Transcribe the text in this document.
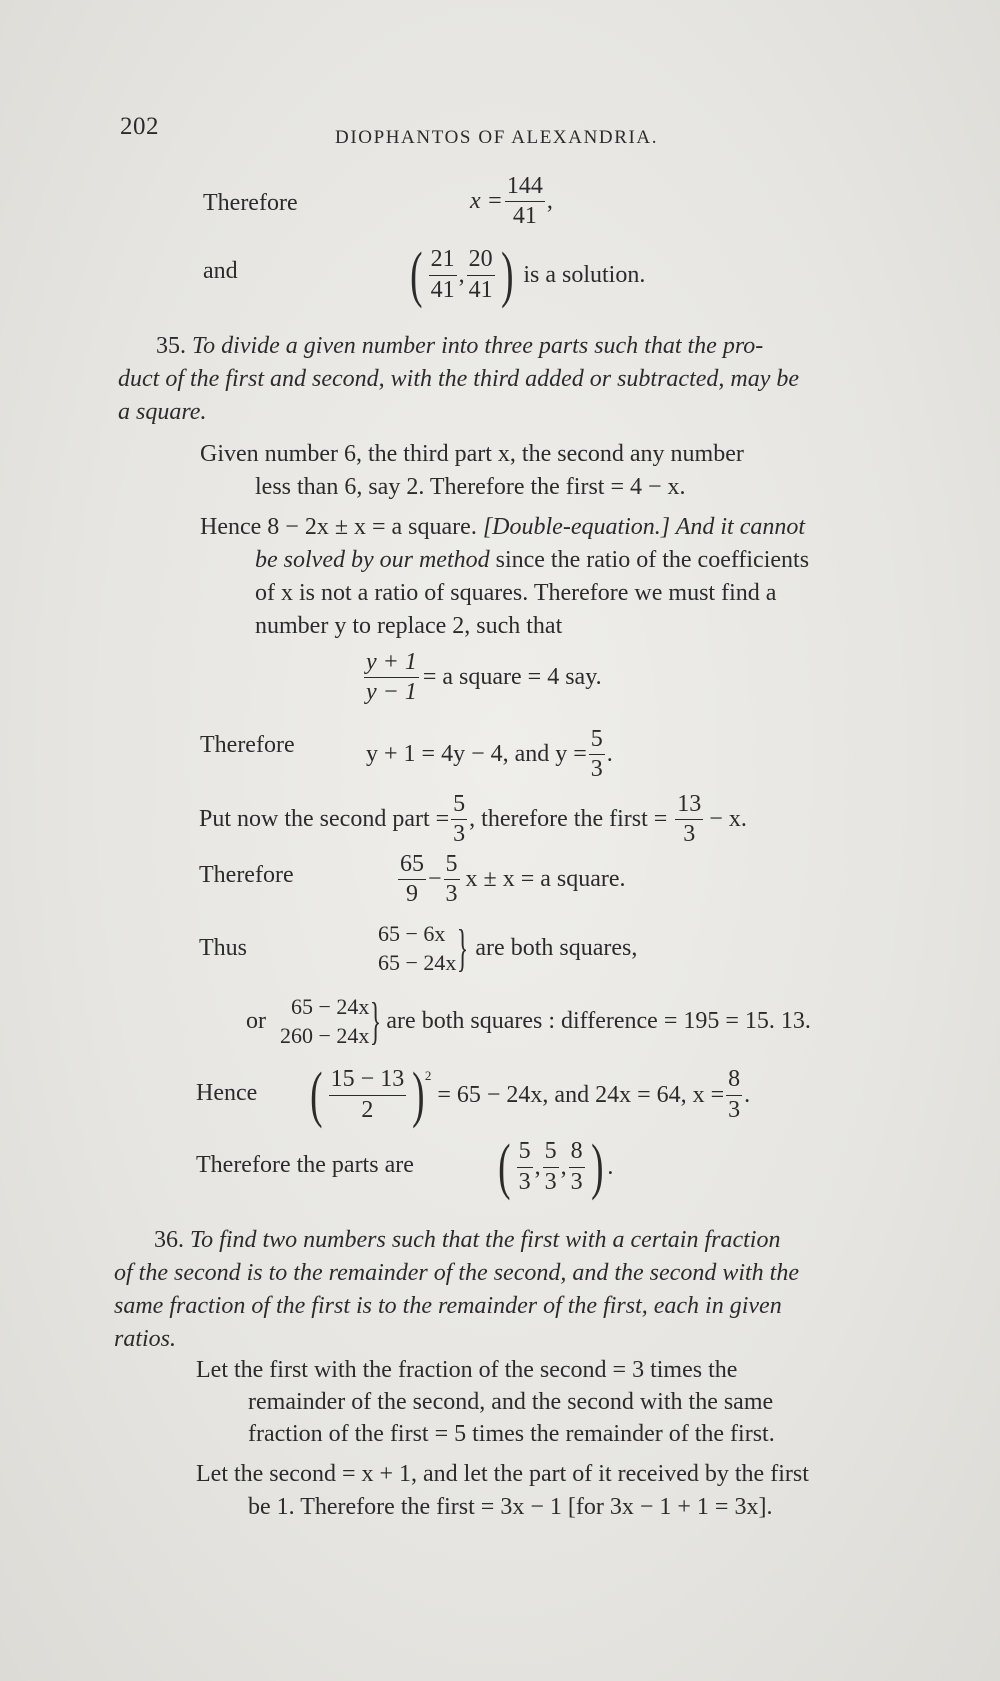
202	DIOPHANTOS OF ALEXANDRIA.
Therefore	$x = \frac{144}{41}$ ,
and	( $\frac{21}{41}$ , $\frac{20}{41}$ ) is a solution.
35. To divide a given number into three parts such that the pro-
duct of the first and second, with the third added or subtracted, may be
a square.
Given number 6, the third part x, the second any number
less than 6, say 2. Therefore the first = 4 − x.
Hence 8 − 2x ± x = a square. [Double-equation.] And it cannot
be solved by our method since the ratio of the coefficients
of x is not a ratio of squares. Therefore we must find a
number y to replace 2, such that
$\frac{y + 1}{y - 1} = a$ square = 4 say.
Therefore	y + 1 = 4y − 4, and $y = \frac{5}{3}$ .
Put now the second part = $\frac{5}{3}$ , therefore the first = $\frac{13}{3} - x$.
Therefore	$\frac{65}{9} - \frac{5}{3}$ x ± x = a square.
Thus
65 − 6x
65 − 24x } are both squares,
or
65 − 24x
260 − 24x } are both squares : difference = 195 = 15. 13.
Hence ( $\frac{15 - 13}{2}$ ) 2
= 65 − 24x, and 24x = 64, $x = \frac{8}{3}$ .
Therefore the parts are ( $\frac{5}{3}$ , $\frac{5}{3}$ , $\frac{8}{3}$ ) .
36. To find two numbers such that the first with a certain fraction
of the second is to the remainder of the second, and the second with the
same fraction of the first is to the remainder of the first, each in given
ratios.
Let the first with the fraction of the second = 3 times the
remainder of the second, and the second with the same
fraction of the first = 5 times the remainder of the first.
Let the second = x + 1, and let the part of it received by the first
be 1. Therefore the first = 3x − 1 [for 3x − 1 + 1 = 3x].
